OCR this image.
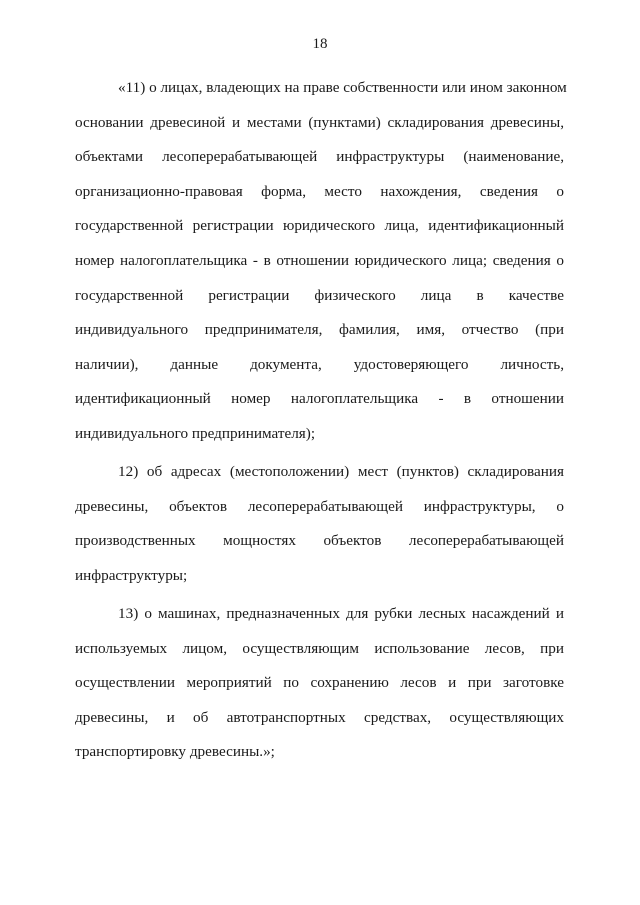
18

«11) о лицах, владеющих на праве собственности или ином законном
основании древесиной и местами (пунктами) складирования древесины,
объектами лесоперерабатывающей инфраструктуры (наименование,
организационно-правовая форма, место нахождения, сведения о
государственной регистрации юридического лица, идентификационный
номер налогоплательщика - в отношении юридического лица; сведения о
государственной регистрации физического лица в качестве
индивидуального предпринимателя, фамилия, имя, отчество (при
наличии), данные документа, удостоверяющего личность,
идентификационный номер налогоплательщика - в отношении
индивидуального предпринимателя);

12) об адресах (местоположении) мест (пунктов) складирования
древесины, объектов лесоперерабатывающей инфраструктуры, о
производственных мощностях объектов лесоперерабатывающей
инфраструктуры;

13) о машинах, предназначенных для рубки лесных насаждений и
используемых лицом, осуществляющим использование лесов, при
осуществлении мероприятий по сохранению лесов и при заготовке
древесины, и об автотранспортных средствах, осуществляющих
транспортировку древесины.»;
